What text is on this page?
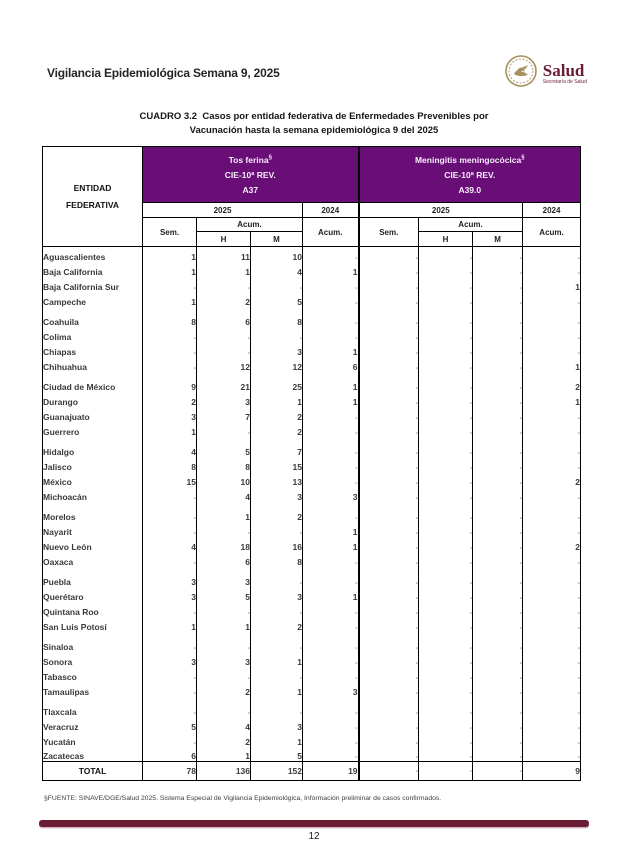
Vigilancia Epidemiológica Semana 9, 2025	Salud
Secretaría de Salud
CUADRO 3.2  Casos por entidad federativa de Enfermedades Prevenibles por
Vacunación hasta la semana epidemiológica 9 del 2025
ENTIDAD
FEDERATIVA

Tos ferina§
CIE-10ª REV.
A37

Meningitis meningocócica§
CIE-10ª REV.
A39.0

	2025			2024	2025			2024
	Sem.	Acum.		Acum.	Sem.	Acum.		Acum.
		H	M			H	M	
Aguascalientes	1	11	10	-	-	-	-	-
Baja California	1	1	4	1	-	-	-	-
Baja California Sur	-	-	-	-	-	-	-	1
Campeche	1	2	5	-	-	-	-	-
Coahuila	8	6	8	-	-	-	-	-
Colima	-	-	-	-	-	-	-	-
Chiapas	-	-	3	1	-	-	-	-
Chihuahua	-	12	12	6	-	-	-	1
Ciudad de México	9	21	25	1	-	-	-	2
Durango	2	3	1	1	-	-	-	1
Guanajuato	3	7	2	-	-	-	-	-
Guerrero	1	-	2	-	-	-	-	-
Hidalgo	4	5	7	-	-	-	-	-
Jalisco	8	8	15	-	-	-	-	-
México	15	10	13	-	-	-	-	2
Michoacán	-	4	3	3	-	-	-	-
Morelos	-	1	2	-	-	-	-	-
Nayarit	-	-	-	1	-	-	-	-
Nuevo León	4	18	16	1	-	-	-	2
Oaxaca	-	6	8	-	-	-	-	-
Puebla	3	3	-	-	-	-	-	-
Querétaro	3	5	3	1	-	-	-	-
Quintana Roo	-	-	-	-	-	-	-	-
San Luis Potosí	1	1	2	-	-	-	-	-
Sinaloa	-	-	-	-	-	-	-	-
Sonora	3	3	1	-	-	-	-	-
Tabasco	-	-	-	-	-	-	-	-
Tamaulipas	-	2	1	3	-	-	-	-
Tlaxcala	-	-	-	-	-	-	-	-
Veracruz	5	4	3	-	-	-	-	-
Yucatán	-	2	1	-	-	-	-	-
Zacatecas	6	1	5	-	-	-	-	-
TOTAL	78	136	152	19	-	-	-	9
§FUENTE: SINAVE/DGE/Salud 2025. Sistema Especial de Vigilancia Epidemiológica, Información preliminar de casos confirmados.
12
